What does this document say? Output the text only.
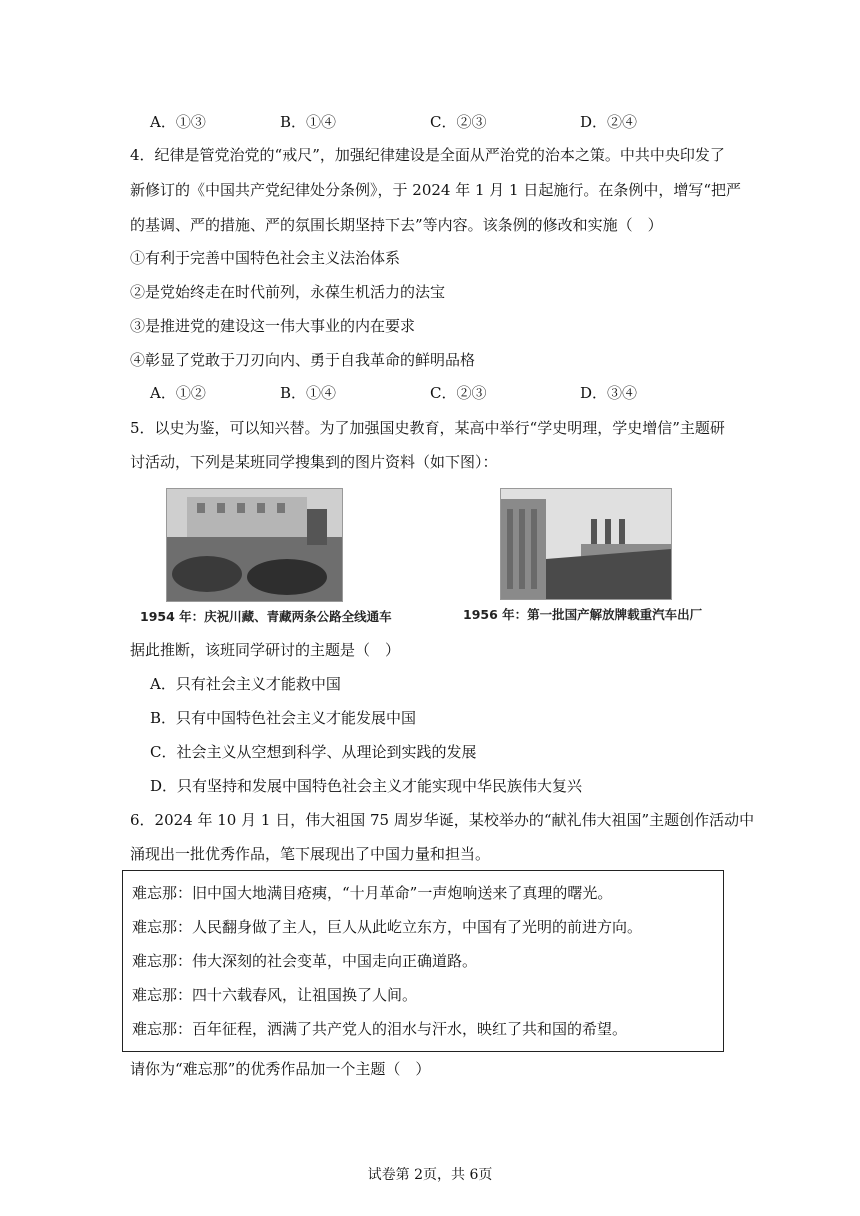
A．①③	B．①④	C．②③	D．②④
4．纪律是管党治党的“戒尺”，加强纪律建设是全面从严治党的治本之策。中共中央印发了
新修订的《中国共产党纪律处分条例》，于 2024 年 1 月 1 日起施行。在条例中，增写“把严
的基调、严的措施、严的氛围长期坚持下去”等内容。该条例的修改和实施（　）
①有利于完善中国特色社会主义法治体系
②是党始终走在时代前列，永葆生机活力的法宝
③是推进党的建设这一伟大事业的内在要求
④彰显了党敢于刀刃向内、勇于自我革命的鲜明品格
A．①②	B．①④	C．②③	D．③④
5．以史为鉴，可以知兴替。为了加强国史教育，某高中举行“学史明理，学史增信”主题研
讨活动，下列是某班同学搜集到的图片资料（如下图）：
1954 年：庆祝川藏、青藏两条公路全线通车	1956 年：第一批国产解放牌载重汽车出厂
据此推断，该班同学研讨的主题是（　）
A．只有社会主义才能救中国
B．只有中国特色社会主义才能发展中国
C．社会主义从空想到科学、从理论到实践的发展
D．只有坚持和发展中国特色社会主义才能实现中华民族伟大复兴
6．2024 年 10 月 1 日，伟大祖国 75 周岁华诞，某校举办的“献礼伟大祖国”主题创作活动中
涌现出一批优秀作品，笔下展现出了中国力量和担当。
难忘那：旧中国大地满目疮痍，“十月革命”一声炮响送来了真理的曙光。
难忘那：人民翻身做了主人，巨人从此屹立东方，中国有了光明的前进方向。
难忘那：伟大深刻的社会变革，中国走向正确道路。
难忘那：四十六载春风，让祖国换了人间。
难忘那：百年征程，洒满了共产党人的泪水与汗水，映红了共和国的希望。
请你为“难忘那”的优秀作品加一个主题（　）
试卷第 2页，共 6页
